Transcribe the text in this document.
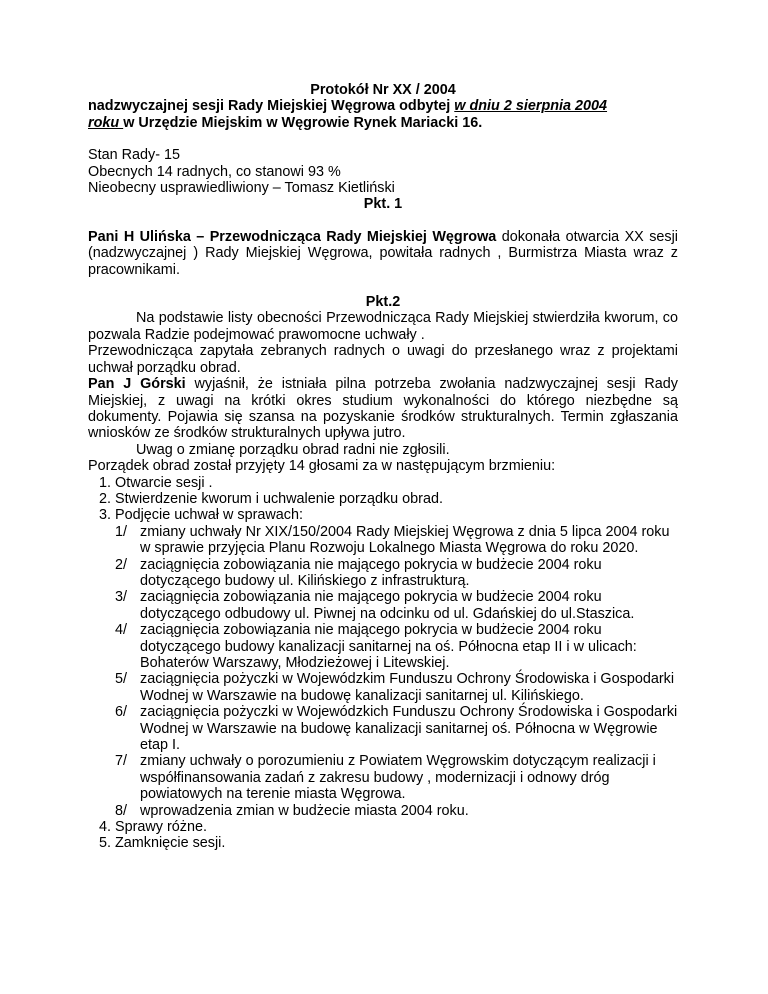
Protokół Nr XX / 2004
nadzwyczajnej sesji Rady Miejskiej Węgrowa odbytej w dniu 2 sierpnia 2004
roku w Urzędzie Miejskim w Węgrowie Rynek Mariacki 16.
Stan Rady- 15
Obecnych 14 radnych, co stanowi 93 %
Nieobecny usprawiedliwiony – Tomasz Kietliński
Pkt. 1
Pani H Ulińska – Przewodnicząca Rady Miejskiej Węgrowa dokonała otwarcia XX sesji (nadzwyczajnej ) Rady Miejskiej Węgrowa, powitała radnych , Burmistrza Miasta wraz z pracownikami.
Pkt.2
Na podstawie listy obecności Przewodnicząca Rady Miejskiej stwierdziła kworum, co pozwala Radzie podejmować prawomocne uchwały .
Przewodnicząca zapytała zebranych radnych o uwagi do przesłanego wraz z projektami uchwał porządku obrad.
Pan J Górski wyjaśnił, że istniała pilna potrzeba zwołania nadzwyczajnej sesji Rady Miejskiej, z uwagi na krótki okres studium wykonalności do którego niezbędne są dokumenty. Pojawia się szansa na pozyskanie środków strukturalnych. Termin zgłaszania wniosków ze środków strukturalnych upływa jutro.
Uwag o zmianę porządku obrad radni nie zgłosili.
Porządek obrad został przyjęty 14 głosami za w następującym brzmieniu:
1. Otwarcie sesji .
2. Stwierdzenie kworum i uchwalenie porządku obrad.
3. Podjęcie uchwał w sprawach:
1/ zmiany uchwały Nr XIX/150/2004 Rady Miejskiej Węgrowa z dnia 5 lipca 2004 roku w sprawie przyjęcia Planu Rozwoju Lokalnego Miasta Węgrowa do roku 2020.
2/ zaciągnięcia zobowiązania nie mającego pokrycia w budżecie 2004 roku dotyczącego budowy ul. Kilińskiego z infrastrukturą.
3/ zaciągnięcia zobowiązania nie mającego pokrycia w budżecie 2004 roku dotyczącego odbudowy ul. Piwnej na odcinku od ul. Gdańskiej do ul.Staszica.
4/ zaciągnięcia zobowiązania nie mającego pokrycia w budżecie 2004 roku dotyczącego budowy kanalizacji sanitarnej na oś. Północna etap II i w ulicach: Bohaterów Warszawy, Młodzieżowej i Litewskiej.
5/ zaciągnięcia pożyczki w Wojewódzkim Funduszu Ochrony Środowiska i Gospodarki Wodnej w Warszawie na budowę kanalizacji sanitarnej ul. Kilińskiego.
6/ zaciągnięcia pożyczki w Wojewódzkich Funduszu Ochrony Środowiska i Gospodarki Wodnej w Warszawie na budowę kanalizacji sanitarnej oś. Północna w Węgrowie etap I.
7/ zmiany uchwały o porozumieniu z Powiatem Węgrowskim dotyczącym realizacji i współfinansowania zadań z zakresu budowy , modernizacji i odnowy dróg powiatowych na terenie miasta Węgrowa.
8/ wprowadzenia zmian w budżecie miasta 2004 roku.
4. Sprawy różne.
5. Zamknięcie sesji.
